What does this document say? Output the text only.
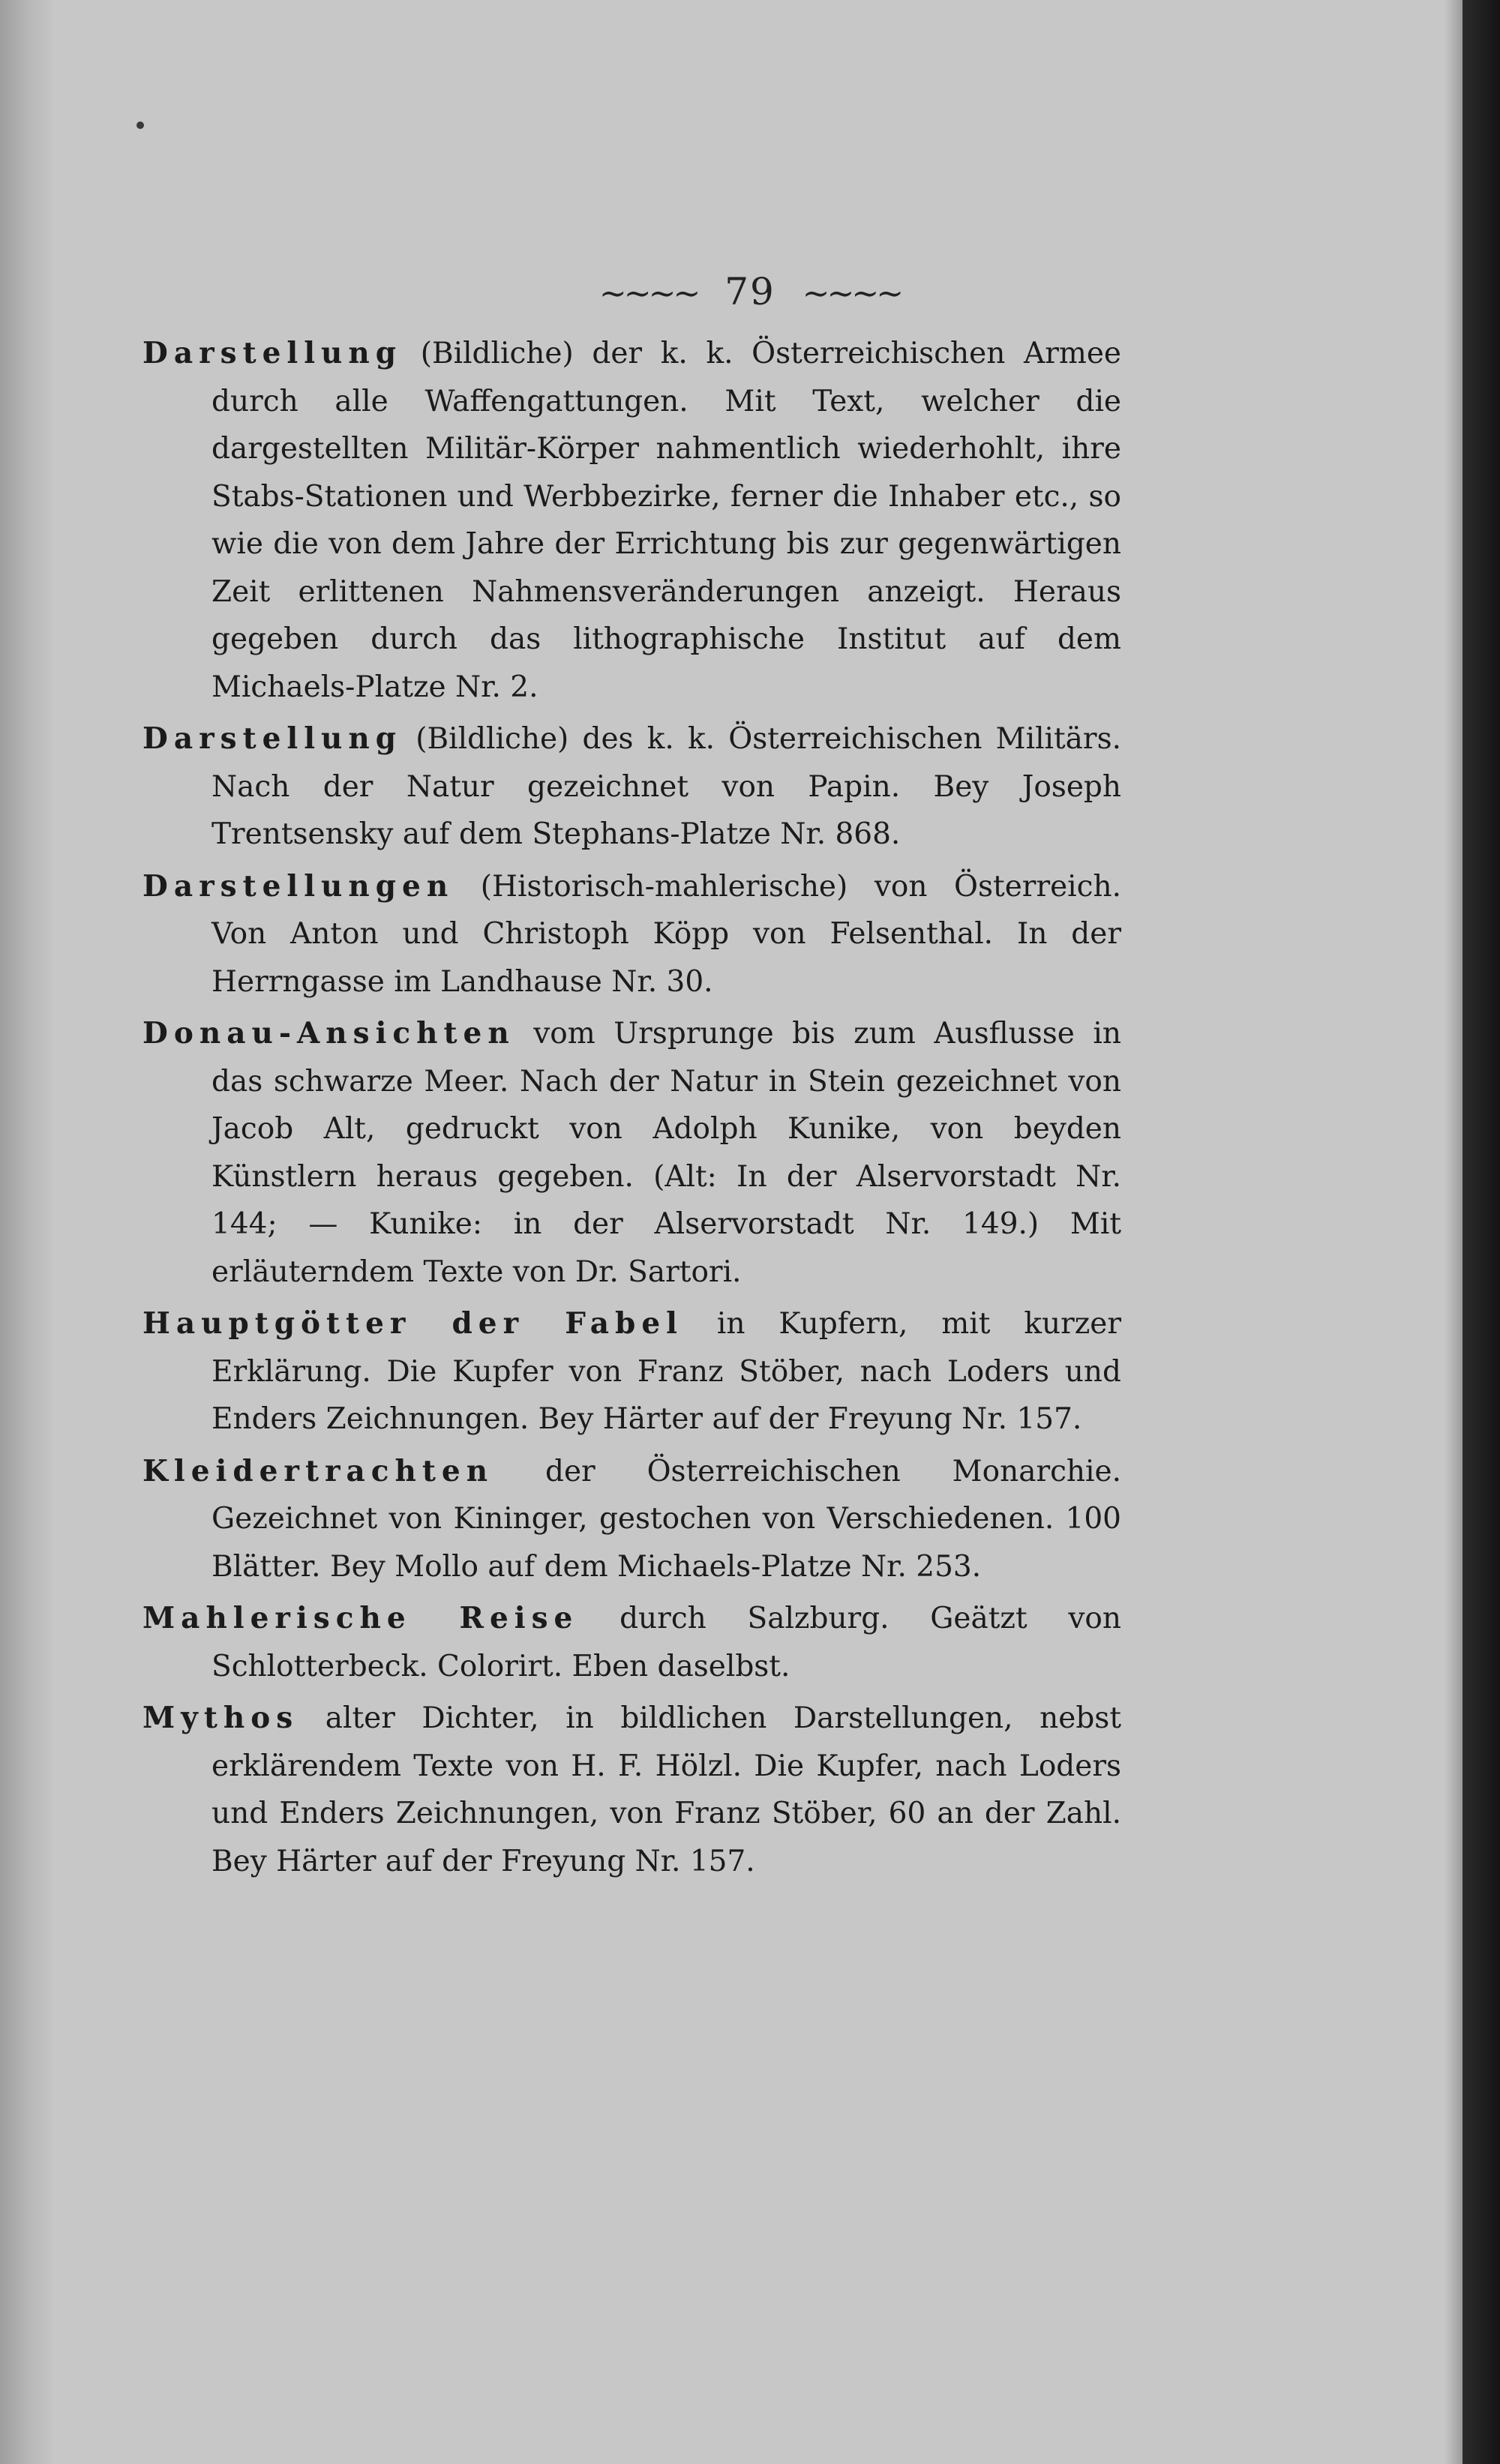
~~~~ 79 ~~~~

Darstellung (Bildliche) der k. k. Österreichischen Armee durch alle Waffengattungen. Mit Text, welcher die dargestellten Militär-Körper nahmentlich wiederhohlt, ihre Stabs-Stationen und Werbbezirke, ferner die Inhaber etc., so wie die von dem Jahre der Errichtung bis zur gegenwärtigen Zeit erlittenen Nahmensveränderungen anzeigt. Heraus gegeben durch das lithographische Institut auf dem Michaels-Platze Nr. 2.

Darstellung (Bildliche) des k. k. Österreichischen Militärs. Nach der Natur gezeichnet von Papin. Bey Joseph Trentsensky auf dem Stephans-Platze Nr. 868.

Darstellungen (Historisch-mahlerische) von Österreich. Von Anton und Christoph Köpp von Felsenthal. In der Herrngasse im Landhause Nr. 30.

Donau-Ansichten vom Ursprunge bis zum Ausflusse in das schwarze Meer. Nach der Natur in Stein gezeichnet von Jacob Alt, gedruckt von Adolph Kunike, von beyden Künstlern heraus gegeben. (Alt: In der Alservorstadt Nr. 144; — Kunike: in der Alservorstadt Nr. 149.) Mit erläuterndem Texte von Dr. Sartori.

Hauptgötter der Fabel in Kupfern, mit kurzer Erklärung. Die Kupfer von Franz Stöber, nach Loders und Enders Zeichnungen. Bey Härter auf der Freyung Nr. 157.

Kleidertrachten der Österreichischen Monarchie. Gezeichnet von Kininger, gestochen von Verschiedenen. 100 Blätter. Bey Mollo auf dem Michaels-Platze Nr. 253.

Mahlerische Reise durch Salzburg. Geätzt von Schlotterbeck. Colorirt. Eben daselbst.

Mythos alter Dichter, in bildlichen Darstellungen, nebst erklärendem Texte von H. F. Hölzl. Die Kupfer, nach Loders und Enders Zeichnungen, von Franz Stöber, 60 an der Zahl. Bey Härter auf der Freyung Nr. 157.
